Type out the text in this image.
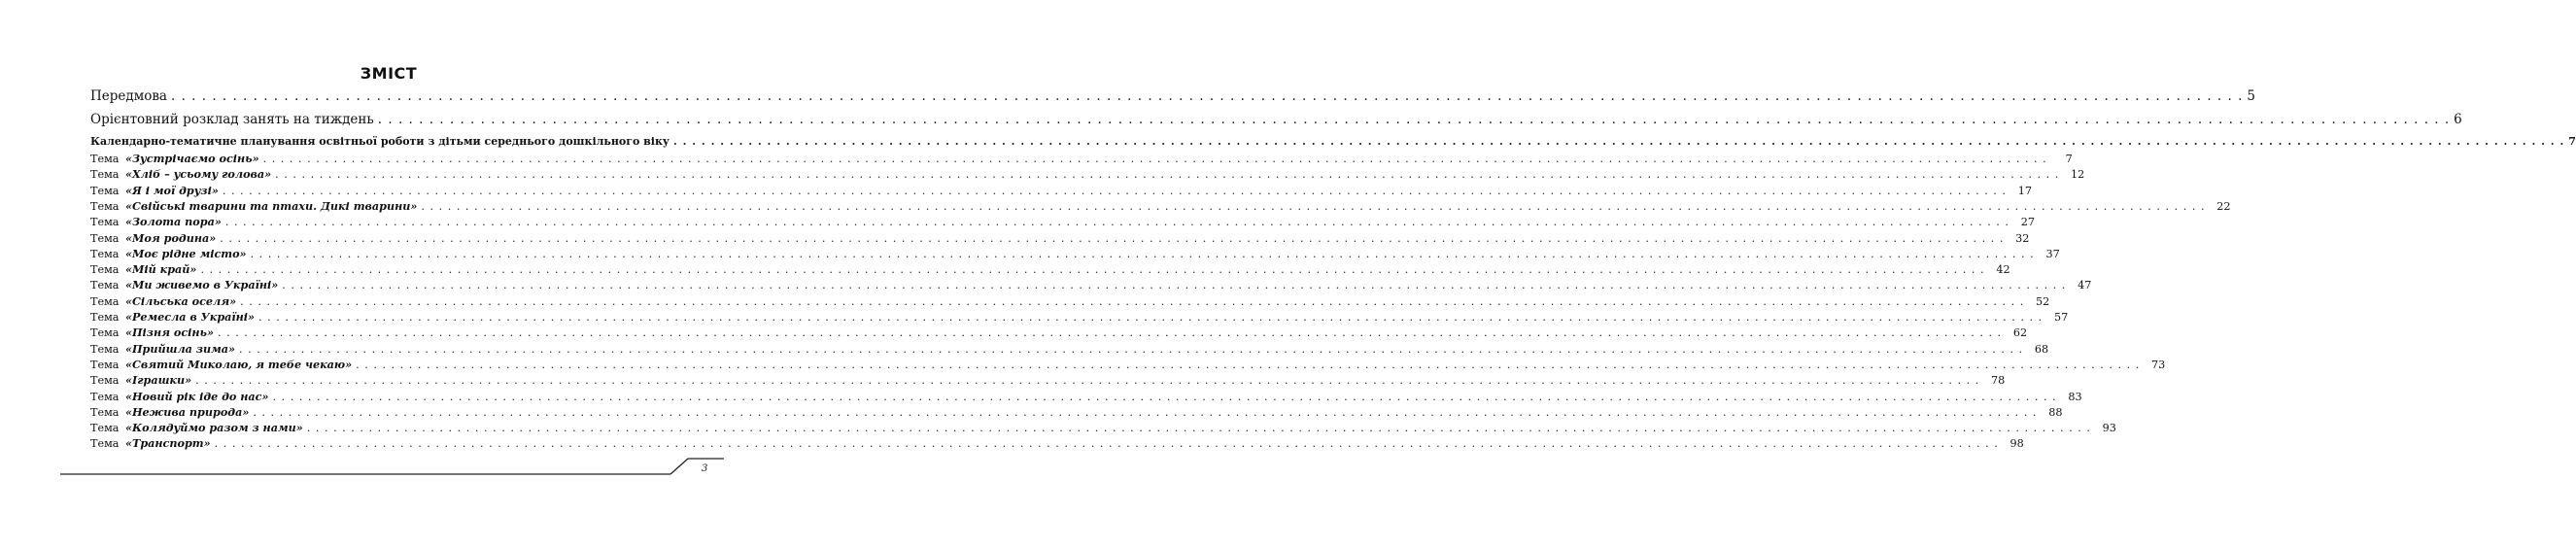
ЗМІСТ
Передмова . . . . . . . . . . . . . . . . . . . . . . . . . . . . . . . . . . . . . . . . . . . . . . . . . . . . . . . . . . . . . . . . . . . . . . . . . . . . . . . . . . . . . . . . . . . . . . . . . . . . . . . . . . . . . . . . . . . . . . . . . . . . . . . . . . . . . . . . . . . . . . . . . . . . . . . . . . . . . . . . . . . . . . . . . . . . . . . . . . . . . . . . . . . . . . . . . . . . . . . . . . 5
Орієнтовний розклад занять на тиждень . . . . . . . . . . . . . . . . . . . . . . . . . . . . . . . . . . . . . . . . . . . . . . . . . . . . . . . . . . . . . . . . . . . . . . . . . . . . . . . . . . . . . . . . . . . . . . . . . . . . . . . . . . . . . . . . . . . . . . . . . . . . . . . . . . . . . . . . . . . . . . . . . . . . . . . . . . . . . . . . . . . . . . . . . . . . . . . . . . . . . . . . . . . . . . . . . . . . . . . . . . 6
Календарно-тематичне планування освітньої роботи з дітьми середнього дошкільного віку . . . . . . . . . . . . . . . . . . . . . . . . . . . . . . . . . . . . . . . . . . . . . . . . . . . . . . . . . . . . . . . . . . . . . . . . . . . . . . . . . . . . . . . . . . . . . . . . . . . . . . . . . . . . . . . . . . . . . . . . . . . . . . . . . . . . . . . . . . . . . . . . . . . . . . . . . . . . . . . . . . . . . . . . . . . . . . . . . . . . . . . . . . . . . . . . . . . . . . . . . . 7
Тема «Зустрічаємо осінь» . . . . . . . . . . . . . . . . . . . . . . . . . . . . . . . . . . . . . . . . . . . . . . . . . . . . . . . . . . . . . . . . . . . . . . . . . . . . . . . . . . . . . . . . . . . . . . . . . . . . . . . . . . . . . . . . . . . . . . . . . . . . . . . . . . . . . . . . . . . . . . . . . . . . . . . . . . . . . . . . . . . . . . . . . . . . . . . . . . . . . . . . . . . . . . . . . . . . . . . . . .	7
Тема «Хліб – усьому голова» . . . . . . . . . . . . . . . . . . . . . . . . . . . . . . . . . . . . . . . . . . . . . . . . . . . . . . . . . . . . . . . . . . . . . . . . . . . . . . . . . . . . . . . . . . . . . . . . . . . . . . . . . . . . . . . . . . . . . . . . . . . . . . . . . . . . . . . . . . . . . . . . . . . . . . . . . . . . . . . . . . . . . . . . . . . . . . . . . . . . . . . . . . . . . . . . . . . . . . . . . .	12
Тема «Я і мої друзі» . . . . . . . . . . . . . . . . . . . . . . . . . . . . . . . . . . . . . . . . . . . . . . . . . . . . . . . . . . . . . . . . . . . . . . . . . . . . . . . . . . . . . . . . . . . . . . . . . . . . . . . . . . . . . . . . . . . . . . . . . . . . . . . . . . . . . . . . . . . . . . . . . . . . . . . . . . . . . . . . . . . . . . . . . . . . . . . . . . . . . . . . . . . . . . . . . . . . . . . . . .	17
Тема «Свійські тварини та птахи. Дикі тварини» . . . . . . . . . . . . . . . . . . . . . . . . . . . . . . . . . . . . . . . . . . . . . . . . . . . . . . . . . . . . . . . . . . . . . . . . . . . . . . . . . . . . . . . . . . . . . . . . . . . . . . . . . . . . . . . . . . . . . . . . . . . . . . . . . . . . . . . . . . . . . . . . . . . . . . . . . . . . . . . . . . . . . . . . . . . . . . . . . . . . . . . . . . . . . . . . . . . . . . . . . .	22
Тема «Золота пора» . . . . . . . . . . . . . . . . . . . . . . . . . . . . . . . . . . . . . . . . . . . . . . . . . . . . . . . . . . . . . . . . . . . . . . . . . . . . . . . . . . . . . . . . . . . . . . . . . . . . . . . . . . . . . . . . . . . . . . . . . . . . . . . . . . . . . . . . . . . . . . . . . . . . . . . . . . . . . . . . . . . . . . . . . . . . . . . . . . . . . . . . . . . . . . . . . . . . . . . . . .	27
Тема «Моя родина» . . . . . . . . . . . . . . . . . . . . . . . . . . . . . . . . . . . . . . . . . . . . . . . . . . . . . . . . . . . . . . . . . . . . . . . . . . . . . . . . . . . . . . . . . . . . . . . . . . . . . . . . . . . . . . . . . . . . . . . . . . . . . . . . . . . . . . . . . . . . . . . . . . . . . . . . . . . . . . . . . . . . . . . . . . . . . . . . . . . . . . . . . . . . . . . . . . . . . . . . . .	32
Тема «Моє рідне місто» . . . . . . . . . . . . . . . . . . . . . . . . . . . . . . . . . . . . . . . . . . . . . . . . . . . . . . . . . . . . . . . . . . . . . . . . . . . . . . . . . . . . . . . . . . . . . . . . . . . . . . . . . . . . . . . . . . . . . . . . . . . . . . . . . . . . . . . . . . . . . . . . . . . . . . . . . . . . . . . . . . . . . . . . . . . . . . . . . . . . . . . . . . . . . . . . . . . . . . . . . .	37
Тема «Мій край» . . . . . . . . . . . . . . . . . . . . . . . . . . . . . . . . . . . . . . . . . . . . . . . . . . . . . . . . . . . . . . . . . . . . . . . . . . . . . . . . . . . . . . . . . . . . . . . . . . . . . . . . . . . . . . . . . . . . . . . . . . . . . . . . . . . . . . . . . . . . . . . . . . . . . . . . . . . . . . . . . . . . . . . . . . . . . . . . . . . . . . . . . . . . . . . . . . . . . . . . . .	42
Тема «Ми живемо в Україні» . . . . . . . . . . . . . . . . . . . . . . . . . . . . . . . . . . . . . . . . . . . . . . . . . . . . . . . . . . . . . . . . . . . . . . . . . . . . . . . . . . . . . . . . . . . . . . . . . . . . . . . . . . . . . . . . . . . . . . . . . . . . . . . . . . . . . . . . . . . . . . . . . . . . . . . . . . . . . . . . . . . . . . . . . . . . . . . . . . . . . . . . . . . . . . . . . . . . . . . . . .	47
Тема «Сільська оселя» . . . . . . . . . . . . . . . . . . . . . . . . . . . . . . . . . . . . . . . . . . . . . . . . . . . . . . . . . . . . . . . . . . . . . . . . . . . . . . . . . . . . . . . . . . . . . . . . . . . . . . . . . . . . . . . . . . . . . . . . . . . . . . . . . . . . . . . . . . . . . . . . . . . . . . . . . . . . . . . . . . . . . . . . . . . . . . . . . . . . . . . . . . . . . . . . . . . . . . . . . .	52
Тема «Ремесла в Україні» . . . . . . . . . . . . . . . . . . . . . . . . . . . . . . . . . . . . . . . . . . . . . . . . . . . . . . . . . . . . . . . . . . . . . . . . . . . . . . . . . . . . . . . . . . . . . . . . . . . . . . . . . . . . . . . . . . . . . . . . . . . . . . . . . . . . . . . . . . . . . . . . . . . . . . . . . . . . . . . . . . . . . . . . . . . . . . . . . . . . . . . . . . . . . . . . . . . . . . . . . .	57
Тема «Пізня осінь» . . . . . . . . . . . . . . . . . . . . . . . . . . . . . . . . . . . . . . . . . . . . . . . . . . . . . . . . . . . . . . . . . . . . . . . . . . . . . . . . . . . . . . . . . . . . . . . . . . . . . . . . . . . . . . . . . . . . . . . . . . . . . . . . . . . . . . . . . . . . . . . . . . . . . . . . . . . . . . . . . . . . . . . . . . . . . . . . . . . . . . . . . . . . . . . . . . . . . . . . . .	62
Тема «Прийшла зима» . . . . . . . . . . . . . . . . . . . . . . . . . . . . . . . . . . . . . . . . . . . . . . . . . . . . . . . . . . . . . . . . . . . . . . . . . . . . . . . . . . . . . . . . . . . . . . . . . . . . . . . . . . . . . . . . . . . . . . . . . . . . . . . . . . . . . . . . . . . . . . . . . . . . . . . . . . . . . . . . . . . . . . . . . . . . . . . . . . . . . . . . . . . . . . . . . . . . . . . . . .	68
Тема «Святий Миколаю, я тебе чекаю» . . . . . . . . . . . . . . . . . . . . . . . . . . . . . . . . . . . . . . . . . . . . . . . . . . . . . . . . . . . . . . . . . . . . . . . . . . . . . . . . . . . . . . . . . . . . . . . . . . . . . . . . . . . . . . . . . . . . . . . . . . . . . . . . . . . . . . . . . . . . . . . . . . . . . . . . . . . . . . . . . . . . . . . . . . . . . . . . . . . . . . . . . . . . . . . . . . . . . . . . . .	73
Тема «Іграшки» . . . . . . . . . . . . . . . . . . . . . . . . . . . . . . . . . . . . . . . . . . . . . . . . . . . . . . . . . . . . . . . . . . . . . . . . . . . . . . . . . . . . . . . . . . . . . . . . . . . . . . . . . . . . . . . . . . . . . . . . . . . . . . . . . . . . . . . . . . . . . . . . . . . . . . . . . . . . . . . . . . . . . . . . . . . . . . . . . . . . . . . . . . . . . . . . . . . . . . . . . .	78
Тема «Новий рік іде до нас» . . . . . . . . . . . . . . . . . . . . . . . . . . . . . . . . . . . . . . . . . . . . . . . . . . . . . . . . . . . . . . . . . . . . . . . . . . . . . . . . . . . . . . . . . . . . . . . . . . . . . . . . . . . . . . . . . . . . . . . . . . . . . . . . . . . . . . . . . . . . . . . . . . . . . . . . . . . . . . . . . . . . . . . . . . . . . . . . . . . . . . . . . . . . . . . . . . . . . . . . . .	83
Тема «Нежива природа» . . . . . . . . . . . . . . . . . . . . . . . . . . . . . . . . . . . . . . . . . . . . . . . . . . . . . . . . . . . . . . . . . . . . . . . . . . . . . . . . . . . . . . . . . . . . . . . . . . . . . . . . . . . . . . . . . . . . . . . . . . . . . . . . . . . . . . . . . . . . . . . . . . . . . . . . . . . . . . . . . . . . . . . . . . . . . . . . . . . . . . . . . . . . . . . . . . . . . . . . . .	88
Тема «Колядуймо разом з нами» . . . . . . . . . . . . . . . . . . . . . . . . . . . . . . . . . . . . . . . . . . . . . . . . . . . . . . . . . . . . . . . . . . . . . . . . . . . . . . . . . . . . . . . . . . . . . . . . . . . . . . . . . . . . . . . . . . . . . . . . . . . . . . . . . . . . . . . . . . . . . . . . . . . . . . . . . . . . . . . . . . . . . . . . . . . . . . . . . . . . . . . . . . . . . . . . . . . . . . . . . .	93
Тема «Транспорт» . . . . . . . . . . . . . . . . . . . . . . . . . . . . . . . . . . . . . . . . . . . . . . . . . . . . . . . . . . . . . . . . . . . . . . . . . . . . . . . . . . . . . . . . . . . . . . . . . . . . . . . . . . . . . . . . . . . . . . . . . . . . . . . . . . . . . . . . . . . . . . . . . . . . . . . . . . . . . . . . . . . . . . . . . . . . . . . . . . . . . . . . . . . . . . . . . . . . . . . . . .	98
3
